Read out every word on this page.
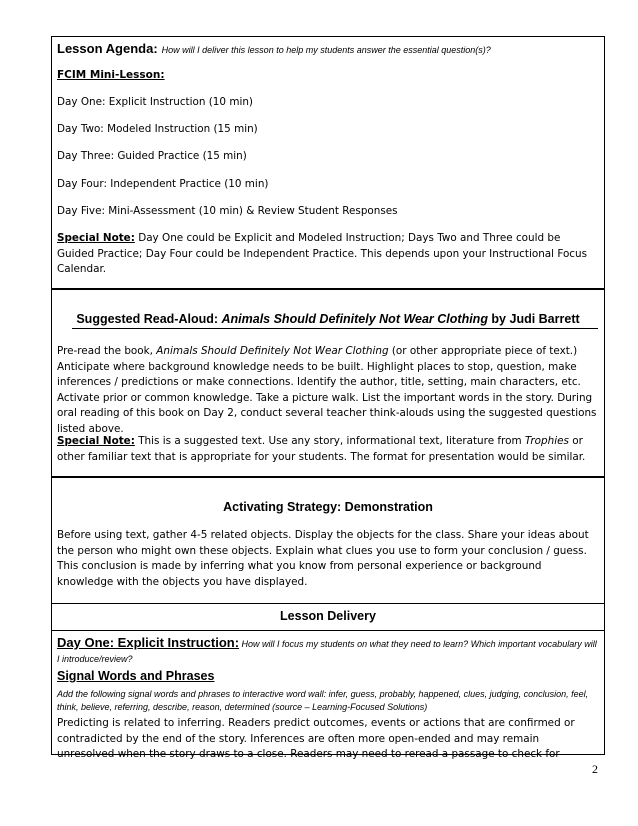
Lesson Agenda: How will I deliver this lesson to help my students answer the essential question(s)?
FCIM Mini-Lesson:
Day One: Explicit Instruction (10 min)
Day Two: Modeled Instruction (15 min)
Day Three: Guided Practice (15 min)
Day Four: Independent Practice (10 min)
Day Five: Mini-Assessment (10 min) & Review Student Responses
Special Note: Day One could be Explicit and Modeled Instruction; Days Two and Three could be Guided Practice; Day Four could be Independent Practice. This depends upon your Instructional Focus Calendar.
Suggested Read-Aloud: Animals Should Definitely Not Wear Clothing by Judi Barrett
Pre-read the book, Animals Should Definitely Not Wear Clothing (or other appropriate piece of text.) Anticipate where background knowledge needs to be built. Highlight places to stop, question, make inferences / predictions or make connections. Identify the author, title, setting, main characters, etc. Activate prior or common knowledge. Take a picture walk. List the important words in the story. During oral reading of this book on Day 2, conduct several teacher think-alouds using the suggested questions listed above.
Special Note: This is a suggested text. Use any story, informational text, literature from Trophies or other familiar text that is appropriate for your students. The format for presentation would be similar.
Activating Strategy: Demonstration
Before using text, gather 4-5 related objects. Display the objects for the class. Share your ideas about the person who might own these objects. Explain what clues you use to form your conclusion / guess. This conclusion is made by inferring what you know from personal experience or background knowledge with the objects you have displayed.
Lesson Delivery
Day One: Explicit Instruction: How will I focus my students on what they need to learn? Which important vocabulary will I introduce/review?
Signal Words and Phrases
Add the following signal words and phrases to interactive word wall: infer, guess, probably, happened, clues, judging, conclusion, feel, think, believe, referring, describe, reason, determined (source – Learning-Focused Solutions)
Predicting is related to inferring. Readers predict outcomes, events or actions that are confirmed or contradicted by the end of the story. Inferences are often more open-ended and may remain unresolved when the story draws to a close. Readers may need to reread a passage to check for
2
